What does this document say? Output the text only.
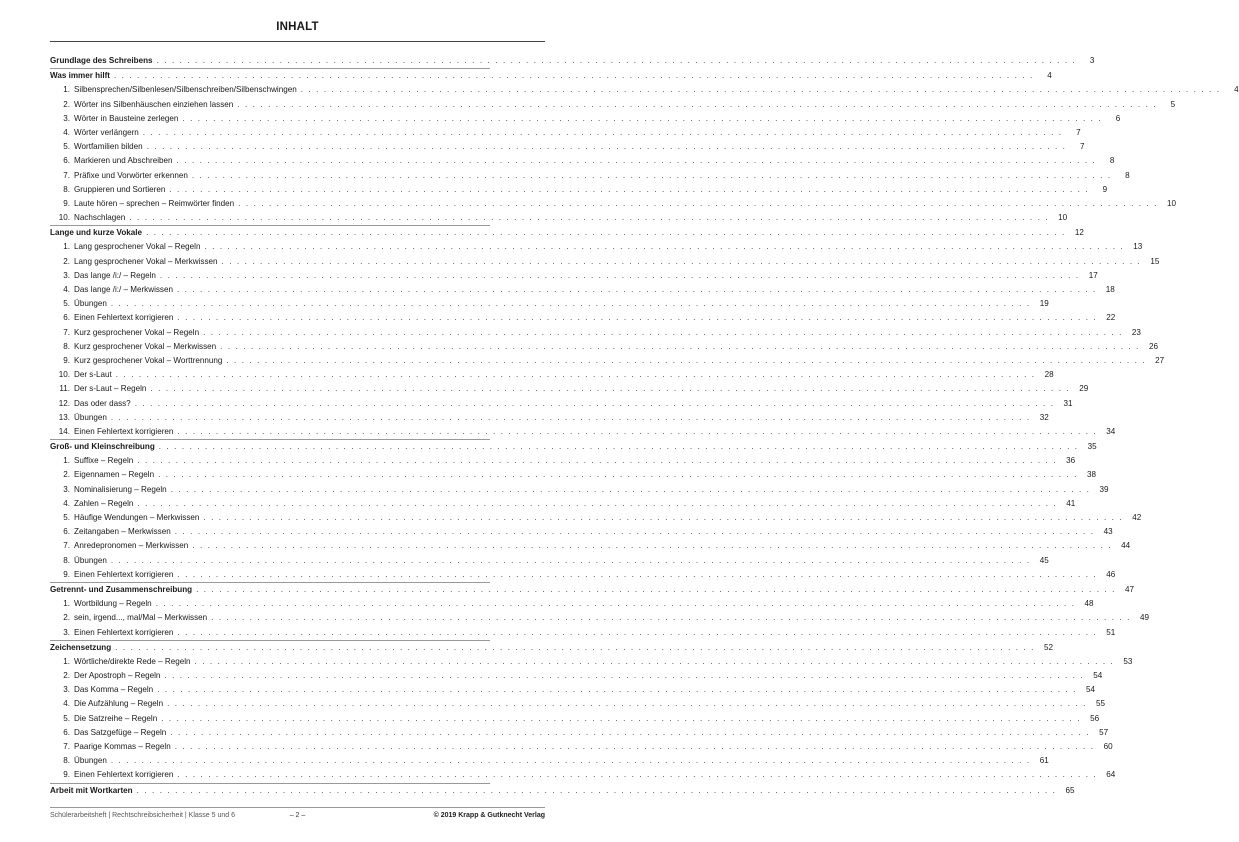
INHALT
Grundlage des Schreibens . . . . . . . . . . . . . . . . . . . . . . . . . . . . . . . . . . . . . . . . . . . . . . . . . . . . . . . . . . . . . . . . . . . . . . . . . . . . . . . . . . . . . . . . . . . . . . . . . . . . . . . . . . . . . . . . . . . . . . . .	3
Was immer hilft . . . . . . . . . . . . . . . . . . . . . . . . . . . . . . . . . . . . . . . . . . . . . . . . . . . . . . . . . . . . . . . . . . . . . . . . . . . . . . . . . . . . . . . . . . . . . . . . . . . . . . . . . . . . . . . . . . . . . . . .	4
1. Silbensprechen/Silbenlesen/Silbenschreiben/Silbenschwingen . . . . . . . . . . . . . . . . . . . . . . . . . . . . . . . . . . . . . . . . . . . . . . . . . . . . . . . . . . . . . . . . . . . . . . . . . . . . . . . . . . . . . . . . . . . . . . . . . . . . . . . . . . . . . . . . . . . . . . . .	4
2. Wörter ins Silbenhäuschen einziehen lassen . . . . . . . . . . . . . . . . . . . . . . . . . . . . . . . . . . . . . . . . . . . . . . . . . . . . . . . . . . . . . . . . . . . . . . . . . . . . . . . . . . . . . . . . . . . . . . . . . . . . . . . . . . . . . . . . . . . . . . . .	5
3. Wörter in Bausteine zerlegen . . . . . . . . . . . . . . . . . . . . . . . . . . . . . . . . . . . . . . . . . . . . . . . . . . . . . . . . . . . . . . . . . . . . . . . . . . . . . . . . . . . . . . . . . . . . . . . . . . . . . . . . . . . . . . . . . . . . . . . .	6
4. Wörter verlängern . . . . . . . . . . . . . . . . . . . . . . . . . . . . . . . . . . . . . . . . . . . . . . . . . . . . . . . . . . . . . . . . . . . . . . . . . . . . . . . . . . . . . . . . . . . . . . . . . . . . . . . . . . . . . . . . . . . . . . . .	7
5. Wortfamilien bilden . . . . . . . . . . . . . . . . . . . . . . . . . . . . . . . . . . . . . . . . . . . . . . . . . . . . . . . . . . . . . . . . . . . . . . . . . . . . . . . . . . . . . . . . . . . . . . . . . . . . . . . . . . . . . . . . . . . . . . . .	7
6. Markieren und Abschreiben . . . . . . . . . . . . . . . . . . . . . . . . . . . . . . . . . . . . . . . . . . . . . . . . . . . . . . . . . . . . . . . . . . . . . . . . . . . . . . . . . . . . . . . . . . . . . . . . . . . . . . . . . . . . . . . . . . . . . . . .	8
7. Präfixe und Vorwörter erkennen . . . . . . . . . . . . . . . . . . . . . . . . . . . . . . . . . . . . . . . . . . . . . . . . . . . . . . . . . . . . . . . . . . . . . . . . . . . . . . . . . . . . . . . . . . . . . . . . . . . . . . . . . . . . . . . . . . . . . . . .	8
8. Gruppieren und Sortieren . . . . . . . . . . . . . . . . . . . . . . . . . . . . . . . . . . . . . . . . . . . . . . . . . . . . . . . . . . . . . . . . . . . . . . . . . . . . . . . . . . . . . . . . . . . . . . . . . . . . . . . . . . . . . . . . . . . . . . . .	9
9. Laute hören – sprechen – Reimwörter finden . . . . . . . . . . . . . . . . . . . . . . . . . . . . . . . . . . . . . . . . . . . . . . . . . . . . . . . . . . . . . . . . . . . . . . . . . . . . . . . . . . . . . . . . . . . . . . . . . . . . . . . . . . . . . . . . . . . . . . . .	10
10. Nachschlagen . . . . . . . . . . . . . . . . . . . . . . . . . . . . . . . . . . . . . . . . . . . . . . . . . . . . . . . . . . . . . . . . . . . . . . . . . . . . . . . . . . . . . . . . . . . . . . . . . . . . . . . . . . . . . . . . . . . . . . . .	10
Lange und kurze Vokale . . . . . . . . . . . . . . . . . . . . . . . . . . . . . . . . . . . . . . . . . . . . . . . . . . . . . . . . . . . . . . . . . . . . . . . . . . . . . . . . . . . . . . . . . . . . . . . . . . . . . . . . . . . . . . . . . . . . . . . .	12
1. Lang gesprochener Vokal – Regeln . . . . . . . . . . . . . . . . . . . . . . . . . . . . . . . . . . . . . . . . . . . . . . . . . . . . . . . . . . . . . . . . . . . . . . . . . . . . . . . . . . . . . . . . . . . . . . . . . . . . . . . . . . . . . . . . . . . . . . . .	13
2. Lang gesprochener Vokal – Merkwissen . . . . . . . . . . . . . . . . . . . . . . . . . . . . . . . . . . . . . . . . . . . . . . . . . . . . . . . . . . . . . . . . . . . . . . . . . . . . . . . . . . . . . . . . . . . . . . . . . . . . . . . . . . . . . . . . . . . . . . . .	15
3. Das lange /i:/ – Regeln . . . . . . . . . . . . . . . . . . . . . . . . . . . . . . . . . . . . . . . . . . . . . . . . . . . . . . . . . . . . . . . . . . . . . . . . . . . . . . . . . . . . . . . . . . . . . . . . . . . . . . . . . . . . . . . . . . . . . . . .	17
4. Das lange /i:/ – Merkwissen . . . . . . . . . . . . . . . . . . . . . . . . . . . . . . . . . . . . . . . . . . . . . . . . . . . . . . . . . . . . . . . . . . . . . . . . . . . . . . . . . . . . . . . . . . . . . . . . . . . . . . . . . . . . . . . . . . . . . . . .	18
5. Übungen . . . . . . . . . . . . . . . . . . . . . . . . . . . . . . . . . . . . . . . . . . . . . . . . . . . . . . . . . . . . . . . . . . . . . . . . . . . . . . . . . . . . . . . . . . . . . . . . . . . . . . . . . . . . . . . . . . . . . . . .	19
6. Einen Fehlertext korrigieren . . . . . . . . . . . . . . . . . . . . . . . . . . . . . . . . . . . . . . . . . . . . . . . . . . . . . . . . . . . . . . . . . . . . . . . . . . . . . . . . . . . . . . . . . . . . . . . . . . . . . . . . . . . . . . . . . . . . . . . .	22
7. Kurz gesprochener Vokal – Regeln . . . . . . . . . . . . . . . . . . . . . . . . . . . . . . . . . . . . . . . . . . . . . . . . . . . . . . . . . . . . . . . . . . . . . . . . . . . . . . . . . . . . . . . . . . . . . . . . . . . . . . . . . . . . . . . . . . . . . . . .	23
8. Kurz gesprochener Vokal – Merkwissen . . . . . . . . . . . . . . . . . . . . . . . . . . . . . . . . . . . . . . . . . . . . . . . . . . . . . . . . . . . . . . . . . . . . . . . . . . . . . . . . . . . . . . . . . . . . . . . . . . . . . . . . . . . . . . . . . . . . . . . .	26
9. Kurz gesprochener Vokal – Worttrennung . . . . . . . . . . . . . . . . . . . . . . . . . . . . . . . . . . . . . . . . . . . . . . . . . . . . . . . . . . . . . . . . . . . . . . . . . . . . . . . . . . . . . . . . . . . . . . . . . . . . . . . . . . . . . . . . . . . . . . . .	27
10. Der s-Laut . . . . . . . . . . . . . . . . . . . . . . . . . . . . . . . . . . . . . . . . . . . . . . . . . . . . . . . . . . . . . . . . . . . . . . . . . . . . . . . . . . . . . . . . . . . . . . . . . . . . . . . . . . . . . . . . . . . . . . . .	28
11. Der s-Laut – Regeln . . . . . . . . . . . . . . . . . . . . . . . . . . . . . . . . . . . . . . . . . . . . . . . . . . . . . . . . . . . . . . . . . . . . . . . . . . . . . . . . . . . . . . . . . . . . . . . . . . . . . . . . . . . . . . . . . . . . . . . .	29
12. Das oder dass? . . . . . . . . . . . . . . . . . . . . . . . . . . . . . . . . . . . . . . . . . . . . . . . . . . . . . . . . . . . . . . . . . . . . . . . . . . . . . . . . . . . . . . . . . . . . . . . . . . . . . . . . . . . . . . . . . . . . . . . .	31
13. Übungen . . . . . . . . . . . . . . . . . . . . . . . . . . . . . . . . . . . . . . . . . . . . . . . . . . . . . . . . . . . . . . . . . . . . . . . . . . . . . . . . . . . . . . . . . . . . . . . . . . . . . . . . . . . . . . . . . . . . . . . .	32
14. Einen Fehlertext korrigieren . . . . . . . . . . . . . . . . . . . . . . . . . . . . . . . . . . . . . . . . . . . . . . . . . . . . . . . . . . . . . . . . . . . . . . . . . . . . . . . . . . . . . . . . . . . . . . . . . . . . . . . . . . . . . . . . . . . . . . . .	34
Groß- und Kleinschreibung . . . . . . . . . . . . . . . . . . . . . . . . . . . . . . . . . . . . . . . . . . . . . . . . . . . . . . . . . . . . . . . . . . . . . . . . . . . . . . . . . . . . . . . . . . . . . . . . . . . . . . . . . . . . . . . . . . . . . . . .	35
1. Suffixe – Regeln . . . . . . . . . . . . . . . . . . . . . . . . . . . . . . . . . . . . . . . . . . . . . . . . . . . . . . . . . . . . . . . . . . . . . . . . . . . . . . . . . . . . . . . . . . . . . . . . . . . . . . . . . . . . . . . . . . . . . . . .	36
2. Eigennamen – Regeln . . . . . . . . . . . . . . . . . . . . . . . . . . . . . . . . . . . . . . . . . . . . . . . . . . . . . . . . . . . . . . . . . . . . . . . . . . . . . . . . . . . . . . . . . . . . . . . . . . . . . . . . . . . . . . . . . . . . . . . .	38
3. Nominalisierung – Regeln . . . . . . . . . . . . . . . . . . . . . . . . . . . . . . . . . . . . . . . . . . . . . . . . . . . . . . . . . . . . . . . . . . . . . . . . . . . . . . . . . . . . . . . . . . . . . . . . . . . . . . . . . . . . . . . . . . . . . . . .	39
4. Zahlen – Regeln . . . . . . . . . . . . . . . . . . . . . . . . . . . . . . . . . . . . . . . . . . . . . . . . . . . . . . . . . . . . . . . . . . . . . . . . . . . . . . . . . . . . . . . . . . . . . . . . . . . . . . . . . . . . . . . . . . . . . . . .	41
5. Häufige Wendungen – Merkwissen . . . . . . . . . . . . . . . . . . . . . . . . . . . . . . . . . . . . . . . . . . . . . . . . . . . . . . . . . . . . . . . . . . . . . . . . . . . . . . . . . . . . . . . . . . . . . . . . . . . . . . . . . . . . . . . . . . . . . . . .	42
6. Zeitangaben – Merkwissen . . . . . . . . . . . . . . . . . . . . . . . . . . . . . . . . . . . . . . . . . . . . . . . . . . . . . . . . . . . . . . . . . . . . . . . . . . . . . . . . . . . . . . . . . . . . . . . . . . . . . . . . . . . . . . . . . . . . . . . .	43
7. Anredepronomen – Merkwissen . . . . . . . . . . . . . . . . . . . . . . . . . . . . . . . . . . . . . . . . . . . . . . . . . . . . . . . . . . . . . . . . . . . . . . . . . . . . . . . . . . . . . . . . . . . . . . . . . . . . . . . . . . . . . . . . . . . . . . . .	44
8. Übungen . . . . . . . . . . . . . . . . . . . . . . . . . . . . . . . . . . . . . . . . . . . . . . . . . . . . . . . . . . . . . . . . . . . . . . . . . . . . . . . . . . . . . . . . . . . . . . . . . . . . . . . . . . . . . . . . . . . . . . . .	45
9. Einen Fehlertext korrigieren . . . . . . . . . . . . . . . . . . . . . . . . . . . . . . . . . . . . . . . . . . . . . . . . . . . . . . . . . . . . . . . . . . . . . . . . . . . . . . . . . . . . . . . . . . . . . . . . . . . . . . . . . . . . . . . . . . . . . . . .	46
Getrennt- und Zusammenschreibung . . . . . . . . . . . . . . . . . . . . . . . . . . . . . . . . . . . . . . . . . . . . . . . . . . . . . . . . . . . . . . . . . . . . . . . . . . . . . . . . . . . . . . . . . . . . . . . . . . . . . . . . . . . . . . . . . . . . . . . .	47
1. Wortbildung – Regeln . . . . . . . . . . . . . . . . . . . . . . . . . . . . . . . . . . . . . . . . . . . . . . . . . . . . . . . . . . . . . . . . . . . . . . . . . . . . . . . . . . . . . . . . . . . . . . . . . . . . . . . . . . . . . . . . . . . . . . . .	48
2. sein, irgend..., mal/Mal – Merkwissen . . . . . . . . . . . . . . . . . . . . . . . . . . . . . . . . . . . . . . . . . . . . . . . . . . . . . . . . . . . . . . . . . . . . . . . . . . . . . . . . . . . . . . . . . . . . . . . . . . . . . . . . . . . . . . . . . . . . . . . .	49
3. Einen Fehlertext korrigieren . . . . . . . . . . . . . . . . . . . . . . . . . . . . . . . . . . . . . . . . . . . . . . . . . . . . . . . . . . . . . . . . . . . . . . . . . . . . . . . . . . . . . . . . . . . . . . . . . . . . . . . . . . . . . . . . . . . . . . . .	51
Zeichensetzung . . . . . . . . . . . . . . . . . . . . . . . . . . . . . . . . . . . . . . . . . . . . . . . . . . . . . . . . . . . . . . . . . . . . . . . . . . . . . . . . . . . . . . . . . . . . . . . . . . . . . . . . . . . . . . . . . . . . . . . .	52
1. Wörtliche/direkte Rede – Regeln . . . . . . . . . . . . . . . . . . . . . . . . . . . . . . . . . . . . . . . . . . . . . . . . . . . . . . . . . . . . . . . . . . . . . . . . . . . . . . . . . . . . . . . . . . . . . . . . . . . . . . . . . . . . . . . . . . . . . . . .	53
2. Der Apostroph – Regeln . . . . . . . . . . . . . . . . . . . . . . . . . . . . . . . . . . . . . . . . . . . . . . . . . . . . . . . . . . . . . . . . . . . . . . . . . . . . . . . . . . . . . . . . . . . . . . . . . . . . . . . . . . . . . . . . . . . . . . . .	54
3. Das Komma – Regeln . . . . . . . . . . . . . . . . . . . . . . . . . . . . . . . . . . . . . . . . . . . . . . . . . . . . . . . . . . . . . . . . . . . . . . . . . . . . . . . . . . . . . . . . . . . . . . . . . . . . . . . . . . . . . . . . . . . . . . . .	54
4. Die Aufzählung – Regeln . . . . . . . . . . . . . . . . . . . . . . . . . . . . . . . . . . . . . . . . . . . . . . . . . . . . . . . . . . . . . . . . . . . . . . . . . . . . . . . . . . . . . . . . . . . . . . . . . . . . . . . . . . . . . . . . . . . . . . . .	55
5. Die Satzreihe – Regeln . . . . . . . . . . . . . . . . . . . . . . . . . . . . . . . . . . . . . . . . . . . . . . . . . . . . . . . . . . . . . . . . . . . . . . . . . . . . . . . . . . . . . . . . . . . . . . . . . . . . . . . . . . . . . . . . . . . . . . . .	56
6. Das Satzgefüge – Regeln . . . . . . . . . . . . . . . . . . . . . . . . . . . . . . . . . . . . . . . . . . . . . . . . . . . . . . . . . . . . . . . . . . . . . . . . . . . . . . . . . . . . . . . . . . . . . . . . . . . . . . . . . . . . . . . . . . . . . . . .	57
7. Paarige Kommas – Regeln . . . . . . . . . . . . . . . . . . . . . . . . . . . . . . . . . . . . . . . . . . . . . . . . . . . . . . . . . . . . . . . . . . . . . . . . . . . . . . . . . . . . . . . . . . . . . . . . . . . . . . . . . . . . . . . . . . . . . . . .	60
8. Übungen . . . . . . . . . . . . . . . . . . . . . . . . . . . . . . . . . . . . . . . . . . . . . . . . . . . . . . . . . . . . . . . . . . . . . . . . . . . . . . . . . . . . . . . . . . . . . . . . . . . . . . . . . . . . . . . . . . . . . . . .	61
9. Einen Fehlertext korrigieren . . . . . . . . . . . . . . . . . . . . . . . . . . . . . . . . . . . . . . . . . . . . . . . . . . . . . . . . . . . . . . . . . . . . . . . . . . . . . . . . . . . . . . . . . . . . . . . . . . . . . . . . . . . . . . . . . . . . . . . .	64
Arbeit mit Wortkarten . . . . . . . . . . . . . . . . . . . . . . . . . . . . . . . . . . . . . . . . . . . . . . . . . . . . . . . . . . . . . . . . . . . . . . . . . . . . . . . . . . . . . . . . . . . . . . . . . . . . . . . . . . . . . . . . . . . . . . . .	65
Schülerarbeitsheft | Rechtschreibsicherheit | Klasse 5 und 6	– 2 –	© 2019 Krapp & Gutknecht Verlag
